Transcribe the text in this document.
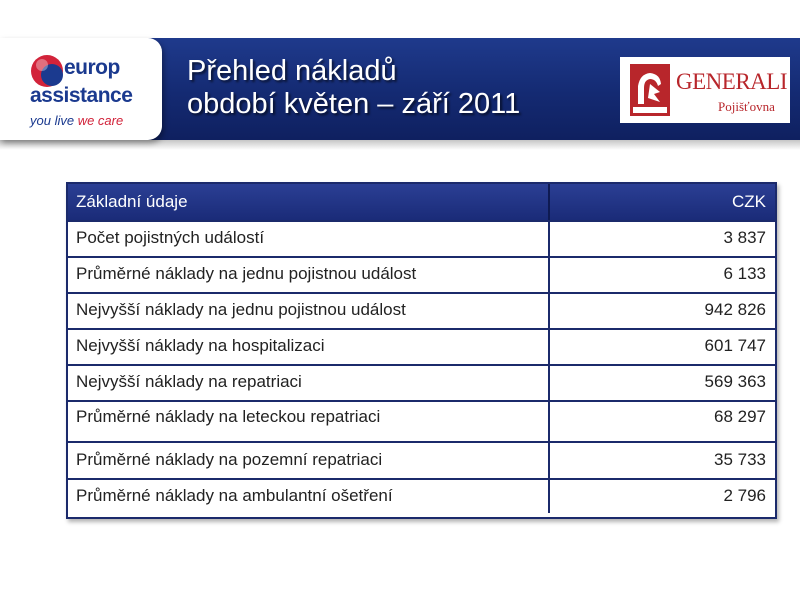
europ
assistance
you live we care
Přehled nákladů
období květen – září 2011
GENERALI
Pojišťovna
Základní údaje	CZK
Počet pojistných událostí	3 837
Průměrné náklady na jednu pojistnou událost	6 133
Nejvyšší náklady na jednu pojistnou událost	942 826
Nejvyšší náklady na hospitalizaci	601 747
Nejvyšší náklady na repatriaci	569 363
Průměrné náklady na leteckou repatriaci	68 297
Průměrné náklady na pozemní repatriaci	35 733
Průměrné náklady na ambulantní ošetření	2 796
